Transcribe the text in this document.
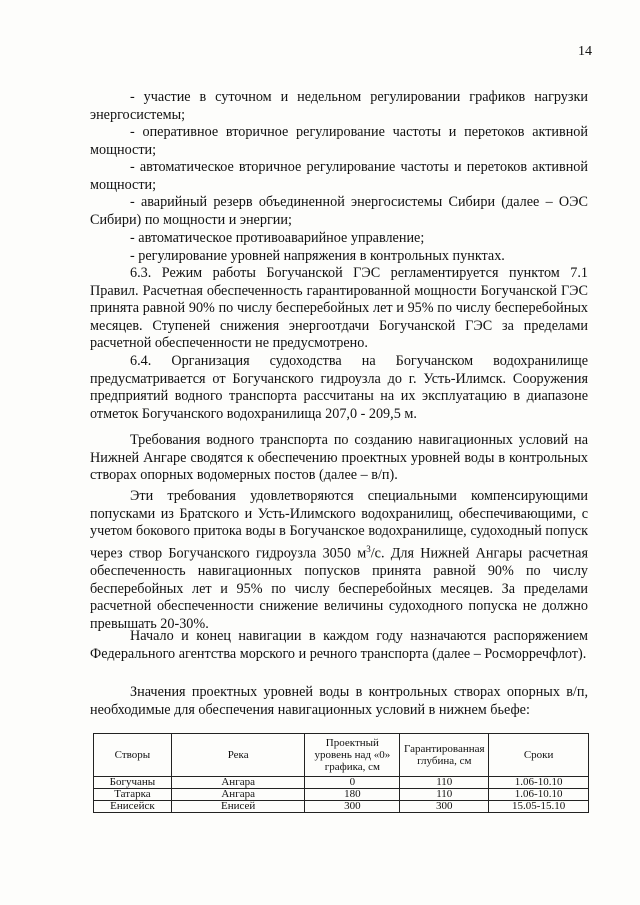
14

- участие в суточном и недельном регулировании графиков нагрузки энергосистемы;

- оперативное вторичное регулирование частоты и перетоков активной мощности;

- автоматическое вторичное регулирование частоты и перетоков активной мощности;

- аварийный резерв объединенной энергосистемы Сибири (далее – ОЭС Сибири) по мощности и энергии;

- автоматическое противоаварийное управление;

- регулирование уровней напряжения в контрольных пунктах.

6.3. Режим работы Богучанской ГЭС регламентируется пунктом 7.1 Правил. Расчетная обеспеченность гарантированной мощности Богучанской ГЭС принята равной 90% по числу бесперебойных лет и 95% по числу бесперебойных месяцев. Ступеней снижения энергоотдачи Богучанской ГЭС за пределами расчетной обеспеченности не предусмотрено.

6.4. Организация судоходства на Богучанском водохранилище предусматривается от Богучанского гидроузла до г. Усть-Илимск. Сооружения предприятий водного транспорта рассчитаны на их эксплуатацию в диапазоне отметок Богучанского водохранилища 207,0 - 209,5 м.

Требования водного транспорта по созданию навигационных условий на Нижней Ангаре сводятся к обеспечению проектных уровней воды в контрольных створах опорных водомерных постов (далее – в/п).

Эти требования удовлетворяются специальными компенсирующими попусками из Братского и Усть-Илимского водохранилищ, обеспечивающими, с учетом бокового притока воды в Богучанское водохранилище, судоходный попуск через створ Богучанского гидроузла 3050 $м^3/с$. Для Нижней Ангары расчетная обеспеченность навигационных попусков принята равной 90% по числу бесперебойных лет и 95% по числу бесперебойных месяцев. За пределами расчетной обеспеченности снижение величины судоходного попуска не должно превышать 20-30%.

Начало и конец навигации в каждом году назначаются распоряжением Федерального агентства морского и речного транспорта (далее – Росморречфлот).

Значения проектных уровней воды в контрольных створах опорных в/п, необходимые для обеспечения навигационных условий в нижнем бьефе:

Створы	Река	Проектный уровень над «0» графика, см	Гарантированная глубина, см	Сроки
Богучаны	Ангара	0	110	1.06-10.10
Татарка	Ангара	180	110	1.06-10.10
Енисейск	Енисей	300	300	15.05-15.10
